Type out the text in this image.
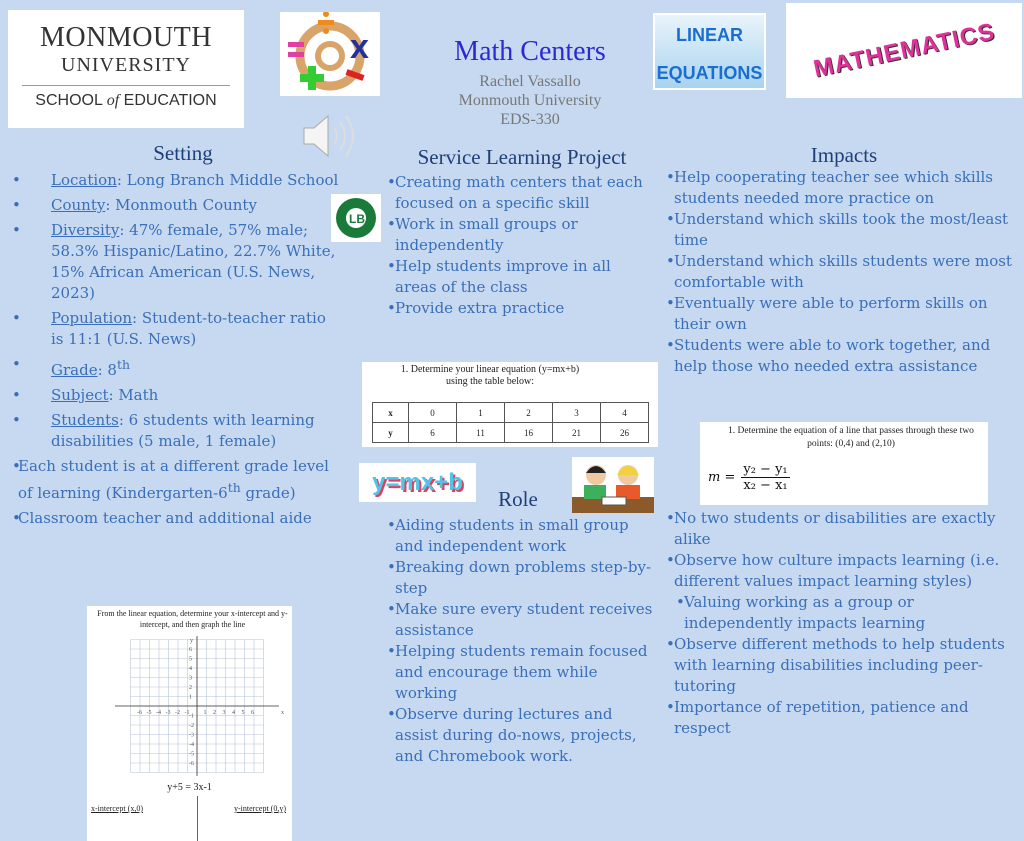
MONMOUTH
UNIVERSITY
SCHOOL of EDUCATION
x	Math Centers
Rachel Vassallo
Monmouth University
EDS-330
LINEAR
EQUATIONS MATHEMATICS
Setting
• Location: Long Branch Middle School
• County: Monmouth County
• Diversity: 47% female, 57% male; 58.3% Hispanic/Latino, 22.7% White, 15% African American (U.S. News, 2023)
• Population: Student-to-teacher ratio is 11:1 (U.S. News)
• Grade: 8th
• Subject: Math
• Students: 6 students with learning disabilities (5 male, 1 female)
• Each student is at a different grade level of learning (Kindergarten-6th grade)
• Classroom teacher and additional aide
LB
Service Learning Project
• Creating math centers that each focused on a specific skill
• Work in small groups or independently
• Help students improve in all areas of the class
• Provide extra practice
1. Determine your linear equation (y=mx+b) using the table below:
x	0	1	2	3	4
y	6	11	16	21	26
y=mx+b
Role
• Aiding students in small group and independent work
• Breaking down problems step-by-step
• Make sure every student receives assistance
• Helping students remain focused and encourage them while working
• Observe during lectures and assist during do-nows, projects, and Chromebook work.
Impacts
• Help cooperating teacher see which skills students needed more practice on
• Understand which skills took the most/least time
• Understand which skills students were most comfortable with
• Eventually were able to perform skills on their own
• Students were able to work together, and help those who needed extra assistance
1. Determine the equation of a line that passes through these two points: (0,4) and (2,10)
$m = \frac{\text{y₂ − y₁}}{\text{x₂ − x₁}}$
• No two students or disabilities are exactly alike
• Observe how culture impacts learning (i.e. different values impact learning styles)
• Valuing working as a group or independently impacts learning
• Observe different methods to help students with learning disabilities including peer-tutoring
• Importance of repetition, patience and respect
From the linear equation, determine your x-intercept and y-intercept, and then graph the line
-6
-6
-5
-5
-4
-4
-3
-3
-2
-2
-1
-1
1
1
2
2
3
3
4
4
5
5
6
6
x
y
y+5 = 3x-1
x-intercept (x,0)	y-intercept (0,y)
